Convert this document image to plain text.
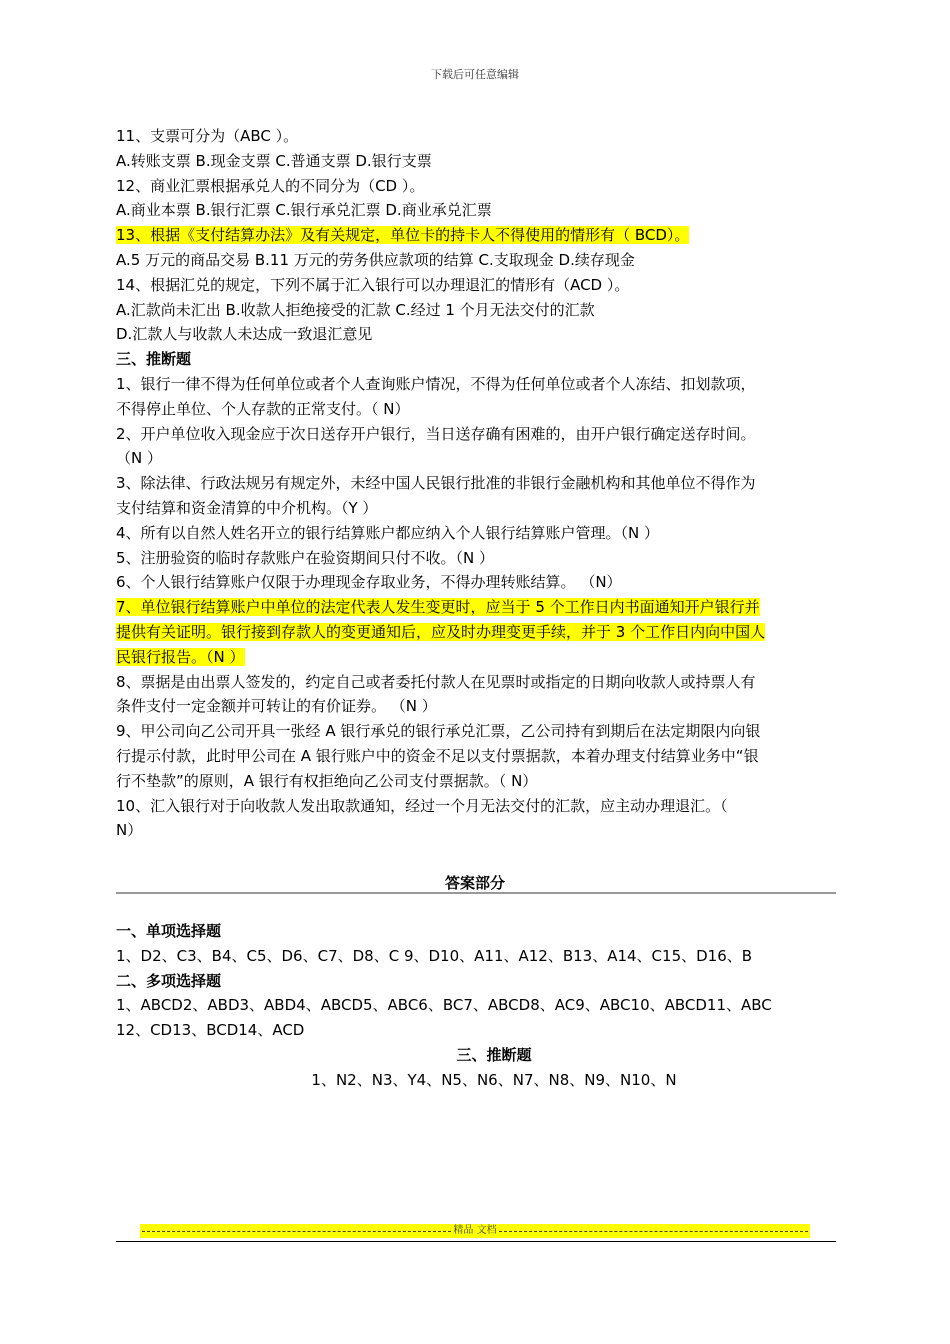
下载后可任意编辑
11、支票可分为（ABC ）。
A.转账支票 B.现金支票 C.普通支票 D.银行支票
12、商业汇票根据承兑人的不同分为（CD ）。
A.商业本票 B.银行汇票 C.银行承兑汇票 D.商业承兑汇票
13、根据《支付结算办法》及有关规定，单位卡的持卡人不得使用的情形有（ BCD）。
A.5 万元的商品交易 B.11 万元的劳务供应款项的结算 C.支取现金 D.续存现金
14、根据汇兑的规定，下列不属于汇入银行可以办理退汇的情形有（ACD ）。
A.汇款尚未汇出 B.收款人拒绝接受的汇款 C.经过 1 个月无法交付的汇款
D.汇款人与收款人未达成一致退汇意见
三、推断题
1、银行一律不得为任何单位或者个人查询账户情况，不得为任何单位或者个人冻结、扣划款项，
不得停止单位、个人存款的正常支付。（ N）
2、开户单位收入现金应于次日送存开户银行，当日送存确有困难的，由开户银行确定送存时间。
（N ）
3、除法律、行政法规另有规定外，未经中国人民银行批准的非银行金融机构和其他单位不得作为
支付结算和资金清算的中介机构。（Y ）
4、所有以自然人姓名开立的银行结算账户都应纳入个人银行结算账户管理。（N ）
5、注册验资的临时存款账户在验资期间只付不收。（N ）
6、个人银行结算账户仅限于办理现金存取业务，不得办理转账结算。 （N）
7、单位银行结算账户中单位的法定代表人发生变更时，应当于 5 个工作日内书面通知开户银行并
提供有关证明。银行接到存款人的变更通知后，应及时办理变更手续，并于 3 个工作日内向中国人
民银行报告。（N ）
8、票据是由出票人签发的，约定自己或者委托付款人在见票时或指定的日期向收款人或持票人有
条件支付一定金额并可转让的有价证券。 （N ）
9、甲公司向乙公司开具一张经 A 银行承兑的银行承兑汇票，乙公司持有到期后在法定期限内向银
行提示付款，此时甲公司在 A 银行账户中的资金不足以支付票据款，本着办理支付结算业务中“银
行不垫款”的原则，A 银行有权拒绝向乙公司支付票据款。（ N）
10、汇入银行对于向收款人发出取款通知，经过一个月无法交付的汇款，应主动办理退汇。（
N）
答案部分
一、单项选择题
1、D2、C3、B4、C5、D6、C7、D8、C 9、D10、A11、A12、B13、A14、C15、D16、B
二、多项选择题
1、ABCD2、ABD3、ABD4、ABCD5、ABC6、BC7、ABCD8、AC9、ABC10、ABCD11、ABC
12、CD13、BCD14、ACD
三、推断题
1、N2、N3、Y4、N5、N6、N7、N8、N9、N10、N
精品 文档
